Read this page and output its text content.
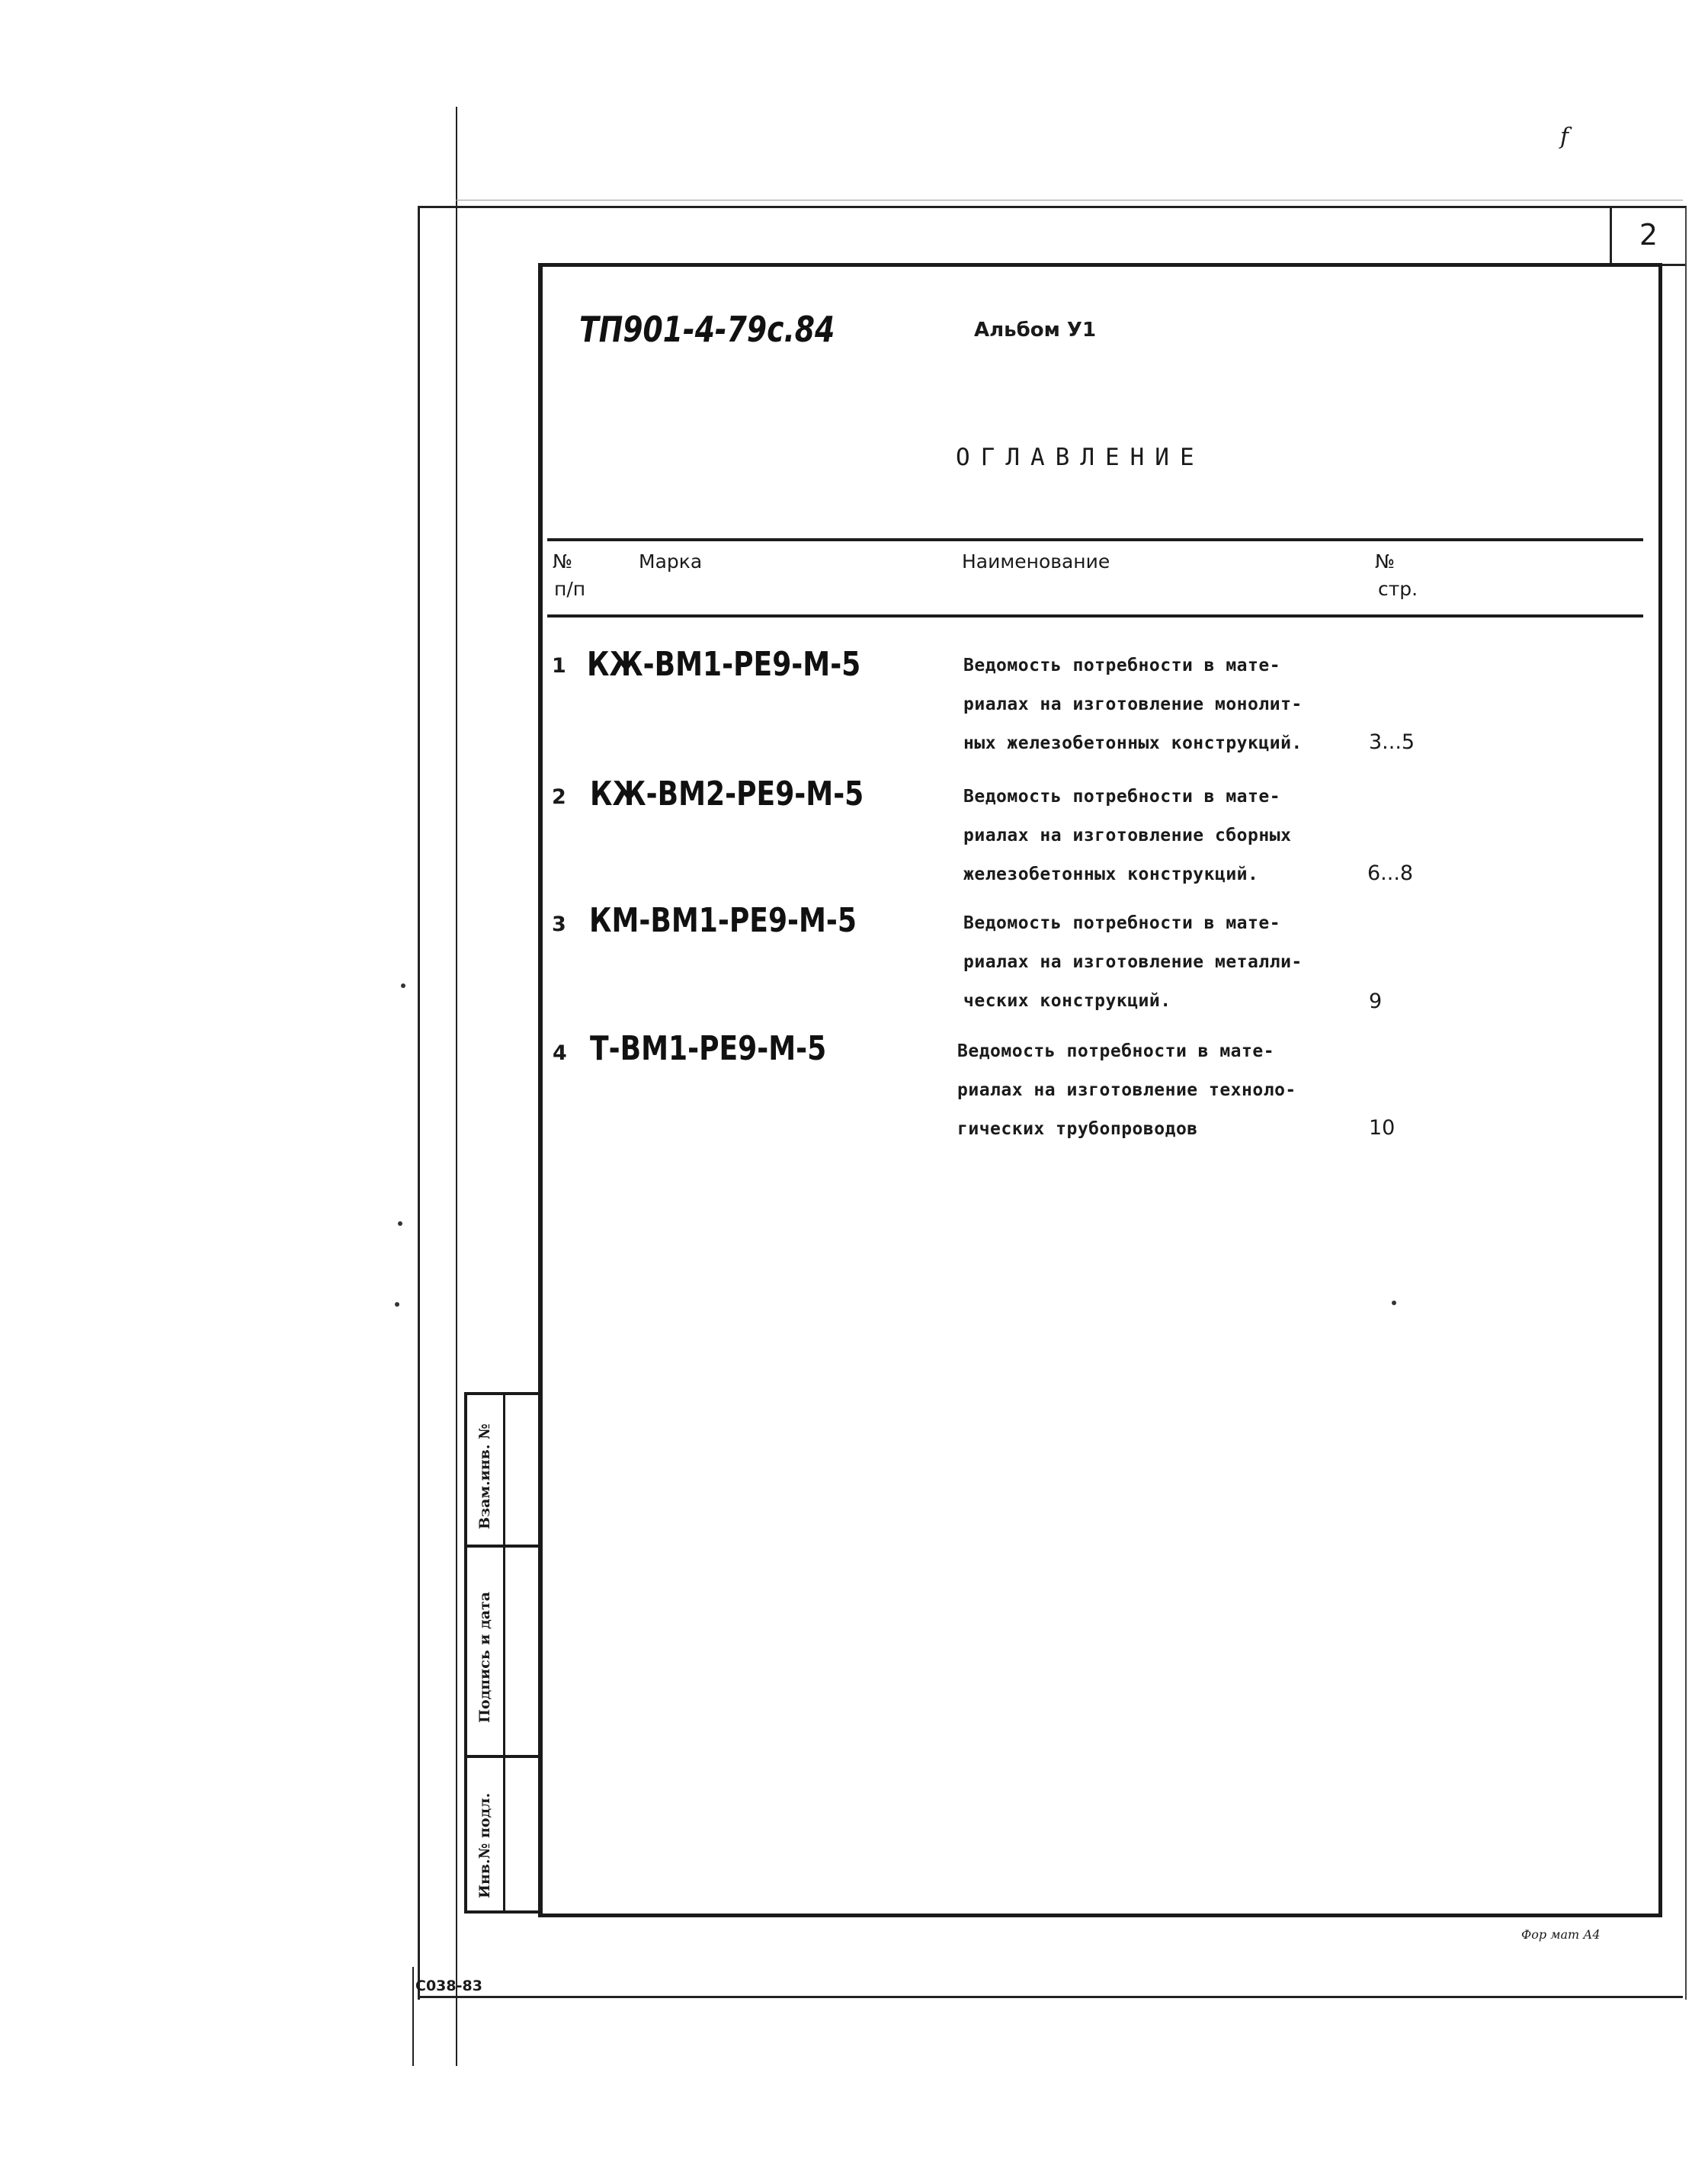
f
2
ТП901-4-79с.84	Альбом У1
ОГЛАВЛЕНИЕ
№
п/п
Марка	Наименование	№
стр.
1 КЖ-ВМ1-РЕ9-М-5	Ведомость потребности в мате-
риалах на изготовление монолит-
ных железобетонных конструкций.	3...5
2 КЖ-ВМ2-РЕ9-М-5	Ведомость потребности в мате-
риалах на изготовление сборных
железобетонных конструкций.	6...8
3 КМ-ВМ1-РЕ9-М-5	Ведомость потребности в мате-
риалах на изготовление металли-
ческих конструкций.	9
4 Т-ВМ1-РЕ9-М-5	Ведомость потребности в мате-
риалах на изготовление техноло-
гических трубопроводов	10
Взам.инв. №
Подпись и дата
Инв.№ подл.
С038-83
Фор мат А4
